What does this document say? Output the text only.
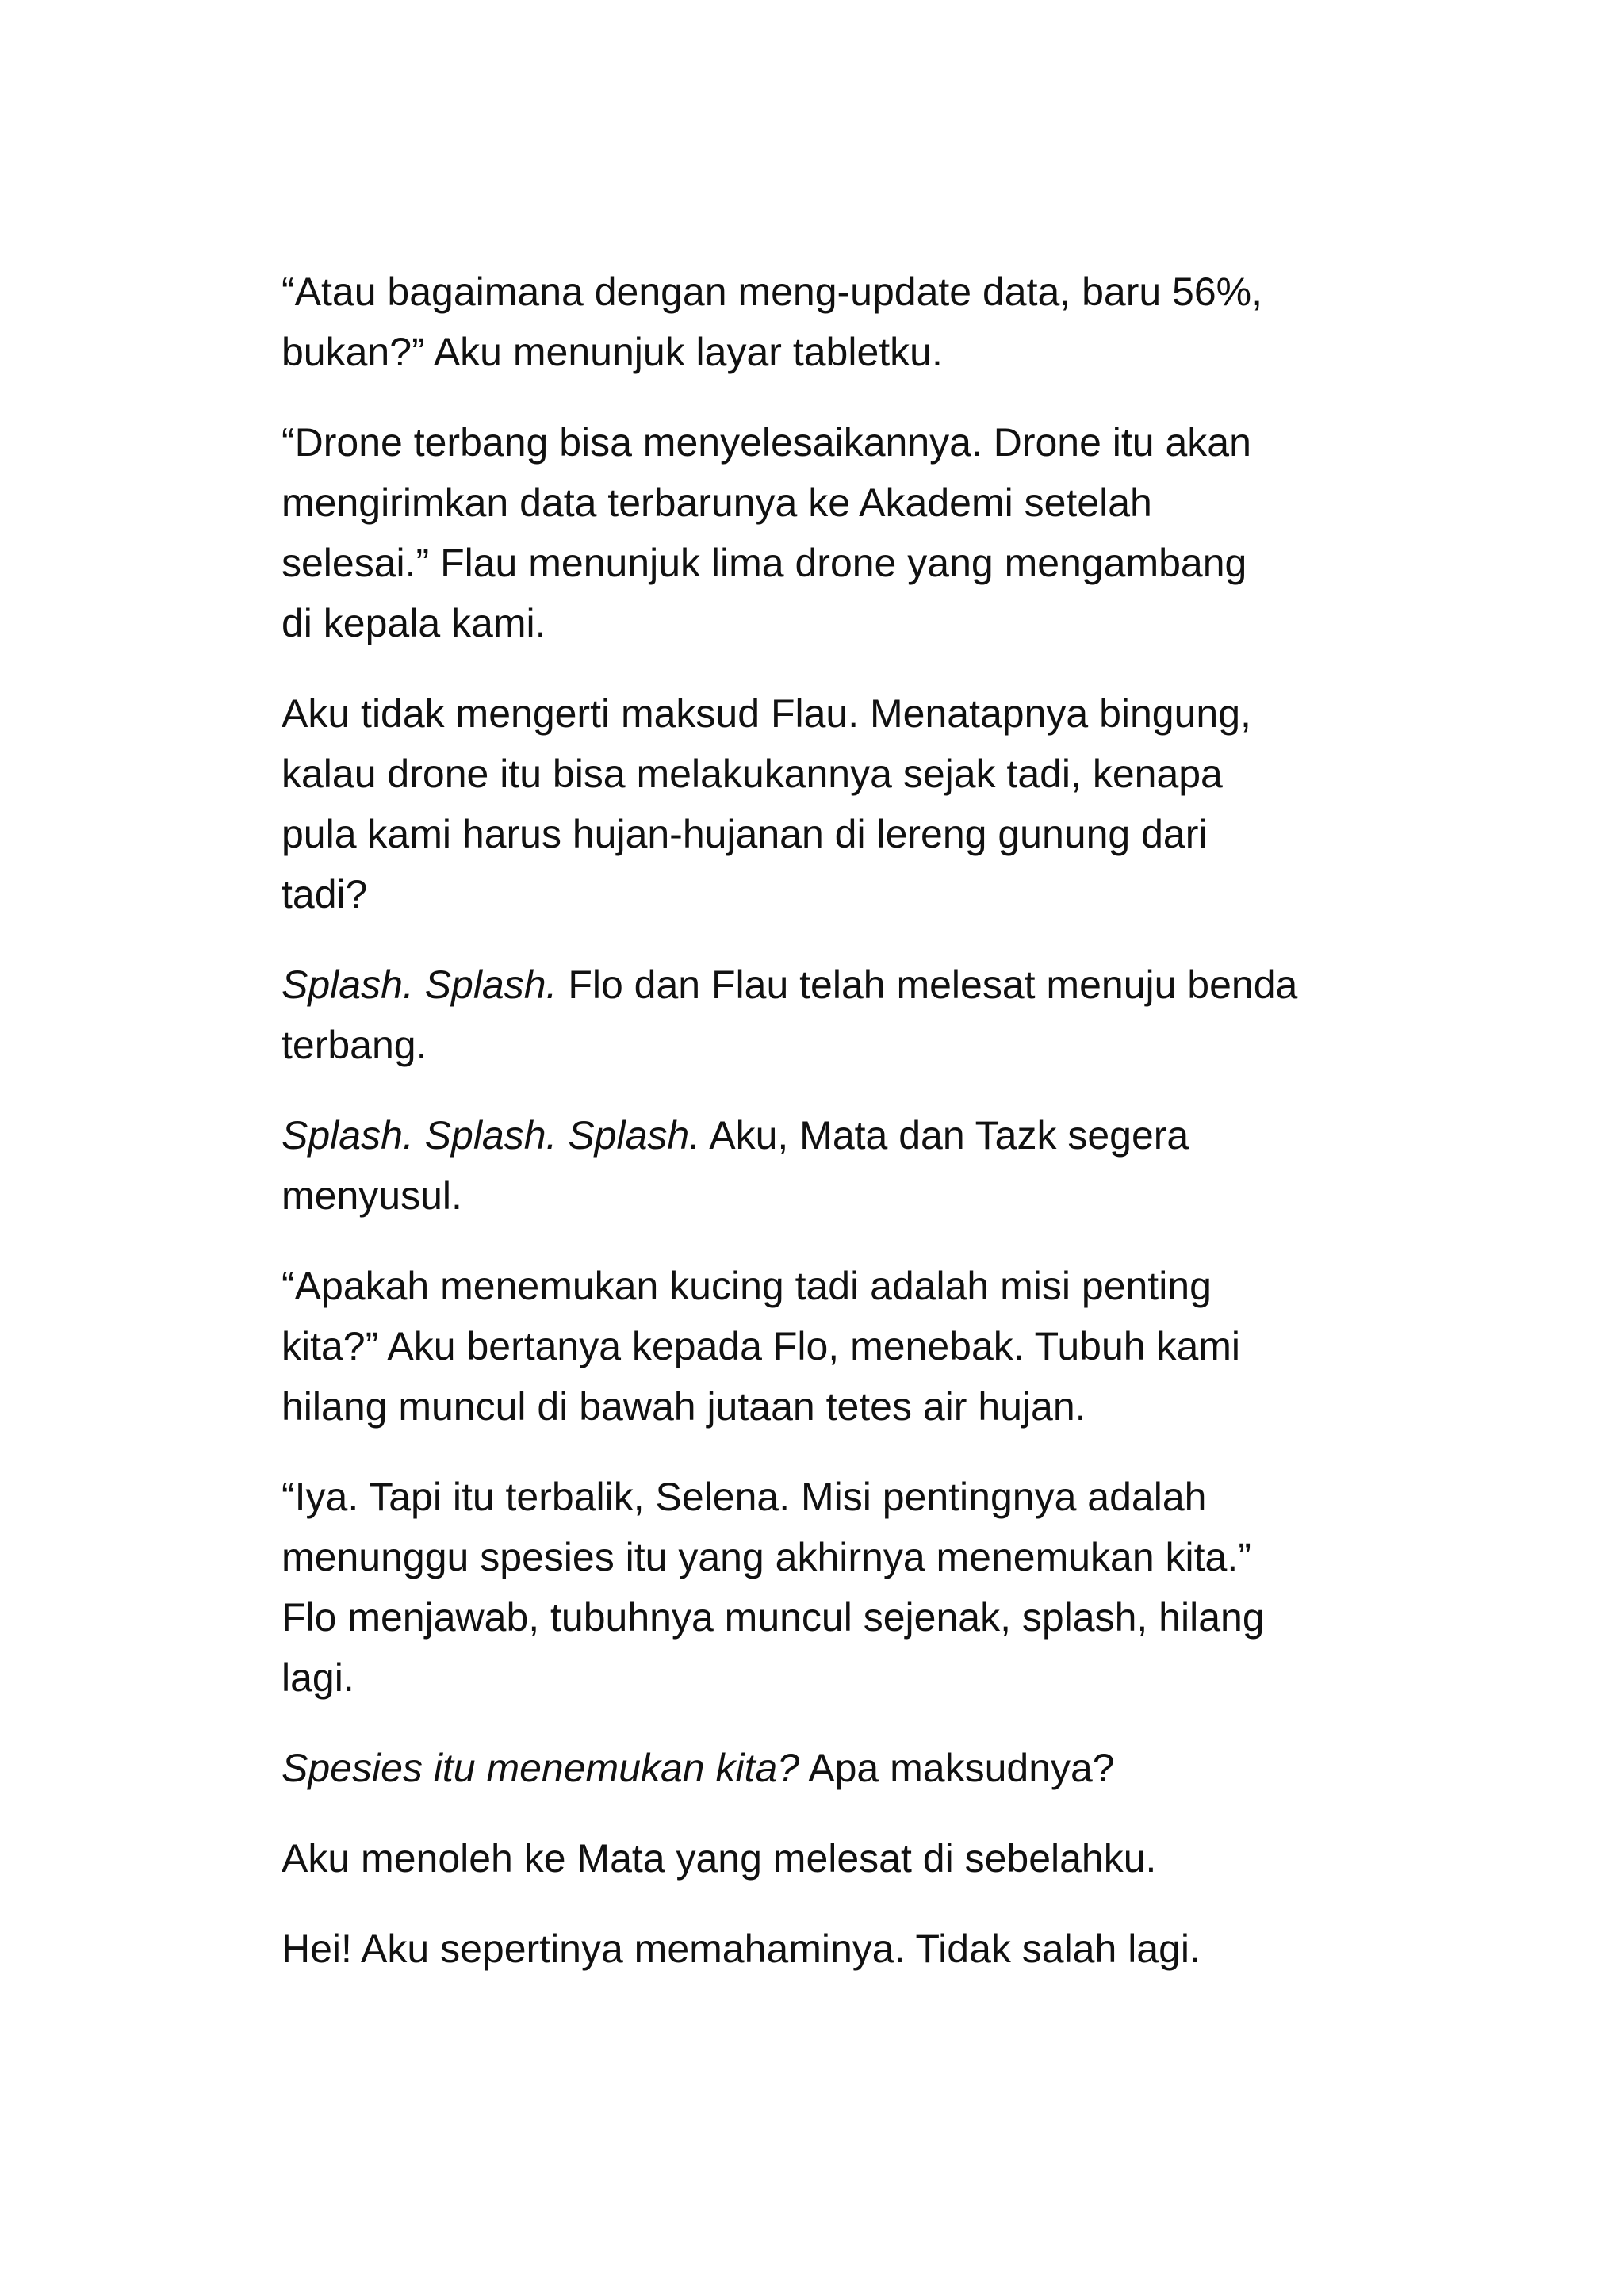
“Atau bagaimana dengan meng-update data, baru 56%,
bukan?” Aku menunjuk layar tabletku.

“Drone terbang bisa menyelesaikannya. Drone itu akan
mengirimkan data terbarunya ke Akademi setelah
selesai.” Flau menunjuk lima drone yang mengambang
di kepala kami.

Aku tidak mengerti maksud Flau. Menatapnya bingung,
kalau drone itu bisa melakukannya sejak tadi, kenapa
pula kami harus hujan-hujanan di lereng gunung dari
tadi?

Splash. Splash. Flo dan Flau telah melesat menuju benda
terbang.

Splash. Splash. Splash. Aku, Mata dan Tazk segera
menyusul.

“Apakah menemukan kucing tadi adalah misi penting
kita?” Aku bertanya kepada Flo, menebak. Tubuh kami
hilang muncul di bawah jutaan tetes air hujan.

“Iya. Tapi itu terbalik, Selena. Misi pentingnya adalah
menunggu spesies itu yang akhirnya menemukan kita.”
Flo menjawab, tubuhnya muncul sejenak, splash, hilang
lagi.

Spesies itu menemukan kita? Apa maksudnya?

Aku menoleh ke Mata yang melesat di sebelahku.

Hei! Aku sepertinya memahaminya. Tidak salah lagi.
